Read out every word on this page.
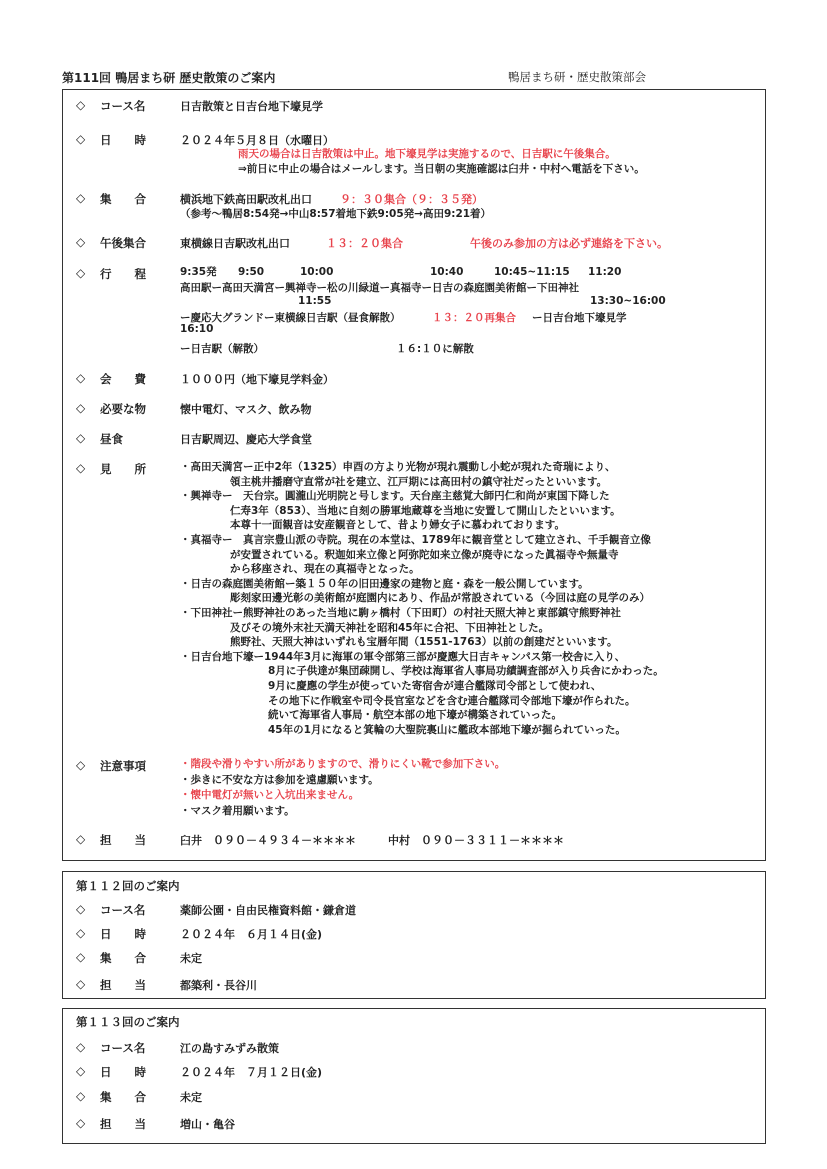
第111回 鴨居まち研 歴史散策のご案内	鴨居まち研・歴史散策部会
◇ コース名	日吉散策と日吉台地下壕見学
◇ 日　　時	２０２４年５月８日（水曜日）
雨天の場合は日吉散策は中止。地下壕見学は実施するので、日吉駅に午後集合。
⇒前日に中止の場合はメールします。当日朝の実施確認は臼井・中村へ電話を下さい。
◇ 集　　合	横浜地下鉄高田駅改札出口	９：３０集合（９：３５発）
（参考～鴨居8:54発→中山8:57着地下鉄9:05発→高田9:21着）
◇ 午後集合	東横線日吉駅改札出口	１３：２０集合	午後のみ参加の方は必ず連絡を下さい。
◇ 行　　程	9:35発 9:50	10:00	10:40	10:45~11:15 11:20
高田駅ー高田天満宮ー興禅寺ー松の川緑道ー真福寺ー日吉の森庭園美術館ー下田神社
11:55	13:30~16:00
ー慶応大グランドー東横線日吉駅（昼食解散）	１３：２０再集合 ー日吉台地下壕見学
16:10
ー日吉駅（解散）	１６:１０に解散
◇ 会　　費	１０００円（地下壕見学料金）
◇ 必要な物	懐中電灯、マスク、飲み物
◇ 昼食	日吉駅周辺、慶応大学食堂
◇ 見　　所	・高田天満宮ー正中2年（1325）申酉の方より光物が現れ震動し小蛇が現れた奇瑞により、
領主桃井播磨守直常が社を建立、江戸期には高田村の鎮守社だったといいます。
・興禅寺ー　天台宗。圓瀧山光明院と号します。天台座主慈覚大師円仁和尚が東国下降した
仁寿3年（853）、当地に自刻の勝軍地蔵尊を当地に安置して開山したといいます。
本尊十一面観音は安産観音として、昔より婦女子に慕われております。
・真福寺ー　真言宗豊山派の寺院。現在の本堂は、1789年に観音堂として建立され、千手観音立像
が安置されている。釈迦如来立像と阿弥陀如来立像が廃寺になった眞福寺や無量寺
から移座され、現在の真福寺となった。
・日吉の森庭園美術館ー築１５０年の旧田邊家の建物と庭・森を一般公開しています。
彫刻家田邊光彰の美術館が庭園内にあり、作品が常設されている（今回は庭の見学のみ）
・下田神社ー熊野神社のあった当地に駒ヶ橋村（下田町）の村社天照大神と東部鎮守熊野神社
及びその境外末社天満天神社を昭和45年に合祀、下田神社とした。
熊野社、天照大神はいずれも宝暦年間（1551-1763）以前の創建だといいます。
・日吉台地下壕ー1944年3月に海軍の軍令部第三部が慶應大日吉キャンパス第一校舎に入り、
8月に子供達が集団疎開し、学校は海軍省人事局功績調査部が入り兵舎にかわった。
9月に慶應の学生が使っていた寄宿舎が連合艦隊司令部として使われ、
その地下に作戦室や司令長官室などを含む連合艦隊司令部地下壕が作られた。
続いて海軍省人事局・航空本部の地下壕が構築されていった。
45年の1月になると箕輪の大聖院裏山に艦政本部地下壕が掘られていった。
◇ 注意事項	・階段や滑りやすい所がありますので、滑りにくい靴で参加下さい。
・歩きに不安な方は参加を遠慮願います。
・懐中電灯が無いと入坑出来ません。
・マスク着用願います。
◇ 担　　当	臼井　０９０－４９３４－＊＊＊＊	中村　０９０－３３１１－＊＊＊＊
第１１２回のご案内
◇ コース名	薬師公園・自由民権資料館・鎌倉道
◇ 日　　時	２０２４年　６月１４日(金)
◇ 集　　合	未定
◇ 担　　当	都築利・長谷川
第１１３回のご案内
◇ コース名	江の島すみずみ散策
◇ 日　　時	２０２４年　７月１２日(金)
◇ 集　　合	未定
◇ 担　　当	増山・亀谷
